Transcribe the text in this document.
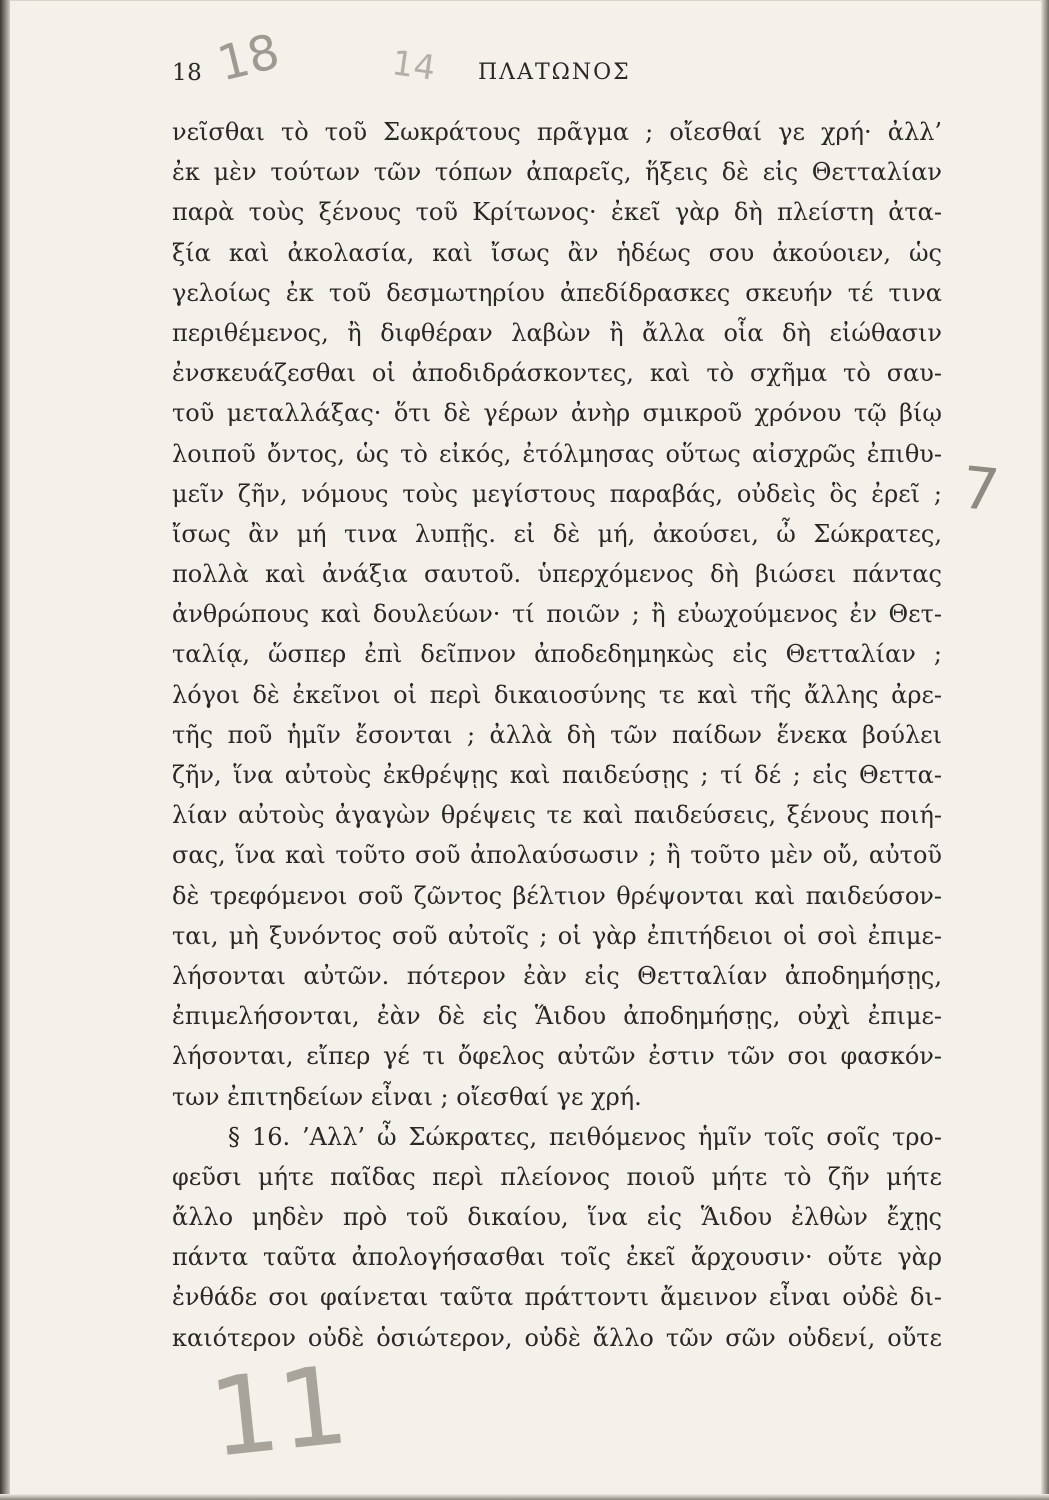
18	ΠΛΑΤΩΝΟΣ
18	14
7
11
νεῖσθαι τὸ τοῦ Σωκράτους πρᾶγμα ; οἴεσθαί γε χρή· ἀλλ’
ἐκ μὲν τούτων τῶν τόπων ἀπαρεῖς, ἥξεις δὲ εἰς Θετταλίαν
παρὰ τοὺς ξένους τοῦ Κρίτωνος· ἐκεῖ γὰρ δὴ πλείστη ἀτα-
ξία καὶ ἀκολασία, καὶ ἴσως ἂν ἡδέως σου ἀκούοιεν, ὡς
γελοίως ἐκ τοῦ δεσμωτηρίου ἀπεδίδρασκες σκευήν τέ τινα
περιθέμενος, ἢ διφθέραν λαβὼν ἢ ἄλλα οἷα δὴ εἰώθασιν
ἐνσκευάζεσθαι οἱ ἀποδιδράσκοντες, καὶ τὸ σχῆμα τὸ σαυ-
τοῦ μεταλλάξας· ὅτι δὲ γέρων ἀνὴρ σμικροῦ χρόνου τῷ βίῳ
λοιποῦ ὄντος, ὡς τὸ εἰκός, ἐτόλμησας οὕτως αἰσχρῶς ἐπιθυ-
μεῖν ζῆν, νόμους τοὺς μεγίστους παραβάς, οὐδεὶς ὃς ἐρεῖ ;
ἴσως ἂν μή τινα λυπῇς. εἰ δὲ μή, ἀκούσει, ὦ Σώκρατες,
πολλὰ καὶ ἀνάξια σαυτοῦ. ὑπερχόμενος δὴ βιώσει πάντας
ἀνθρώπους καὶ δουλεύων· τί ποιῶν ; ἢ εὐωχούμενος ἐν Θετ-
ταλίᾳ, ὥσπερ ἐπὶ δεῖπνον ἀποδεδημηκὼς εἰς Θετταλίαν ;
λόγοι δὲ ἐκεῖνοι οἱ περὶ δικαιοσύνης τε καὶ τῆς ἄλλης ἀρε-
τῆς ποῦ ἡμῖν ἔσονται ; ἀλλὰ δὴ τῶν παίδων ἕνεκα βούλει
ζῆν, ἵνα αὐτοὺς ἐκθρέψῃς καὶ παιδεύσῃς ; τί δέ ; εἰς Θεττα-
λίαν αὐτοὺς ἀγαγὼν θρέψεις τε καὶ παιδεύσεις, ξένους ποιή-
σας, ἵνα καὶ τοῦτο σοῦ ἀπολαύσωσιν ; ἢ τοῦτο μὲν οὔ, αὐτοῦ
δὲ τρεφόμενοι σοῦ ζῶντος βέλτιον θρέψονται καὶ παιδεύσον-
ται, μὴ ξυνόντος σοῦ αὐτοῖς ; οἱ γὰρ ἐπιτήδειοι οἱ σοὶ ἐπιμε-
λήσονται αὐτῶν. πότερον ἐὰν εἰς Θετταλίαν ἀποδημήσῃς,
ἐπιμελήσονται, ἐὰν δὲ εἰς Ἅιδου ἀποδημήσῃς, οὐχὶ ἐπιμε-
λήσονται, εἴπερ γέ τι ὄφελος αὐτῶν ἐστιν τῶν σοι φασκόν-
των ἐπιτηδείων εἶναι ; οἴεσθαί γε χρή.
§ 16. ’Αλλ’ ὦ Σώκρατες, πειθόμενος ἡμῖν τοῖς σοῖς τρο-
φεῦσι μήτε παῖδας περὶ πλείονος ποιοῦ μήτε τὸ ζῆν μήτε
ἄλλο μηδὲν πρὸ τοῦ δικαίου, ἵνα εἰς Ἅιδου ἐλθὼν ἔχῃς
πάντα ταῦτα ἀπολογήσασθαι τοῖς ἐκεῖ ἄρχουσιν· οὔτε γὰρ
ἐνθάδε σοι φαίνεται ταῦτα πράττοντι ἄμεινον εἶναι οὐδὲ δι-
καιότερον οὐδὲ ὁσιώτερον, οὐδὲ ἄλλο τῶν σῶν οὐδενί, οὔτε
